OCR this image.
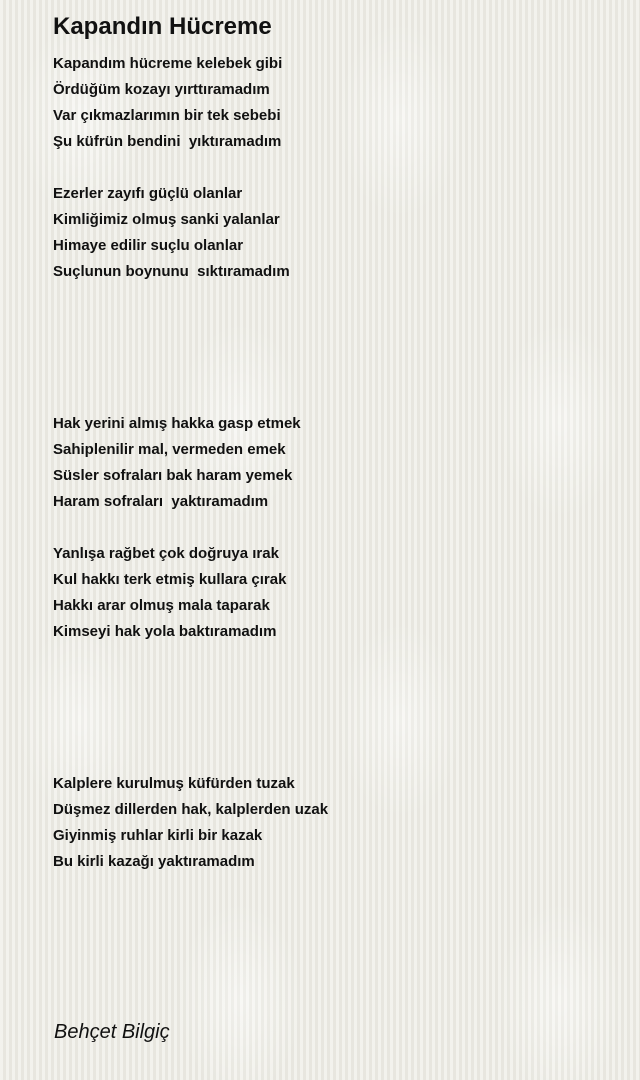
Kapandın Hücreme
Kapandım hücreme kelebek gibi
Ördüğüm kozayı yırttıramadım
Var çıkmazlarımın bir tek sebebi
Şu küfrün bendini  yıktıramadım
Ezerler zayıfı güçlü olanlar
Kimliğimiz olmuş sanki yalanlar
Himaye edilir suçlu olanlar
Suçlunun boynunu  sıktıramadım
Hak yerini almış hakka gasp etmek
Sahiplenilir mal, vermeden emek
Süsler sofraları bak haram yemek
Haram sofraları  yaktıramadım
Yanlışa rağbet çok doğruya ırak
Kul hakkı terk etmiş kullara çırak
Hakkı arar olmuş mala taparak
Kimseyi hak yola baktıramadım
Kalplere kurulmuş küfürden tuzak
Düşmez dillerden hak, kalplerden uzak
Giyinmiş ruhlar kirli bir kazak
Bu kirli kazağı yaktıramadım
Behçet Bilgiç
